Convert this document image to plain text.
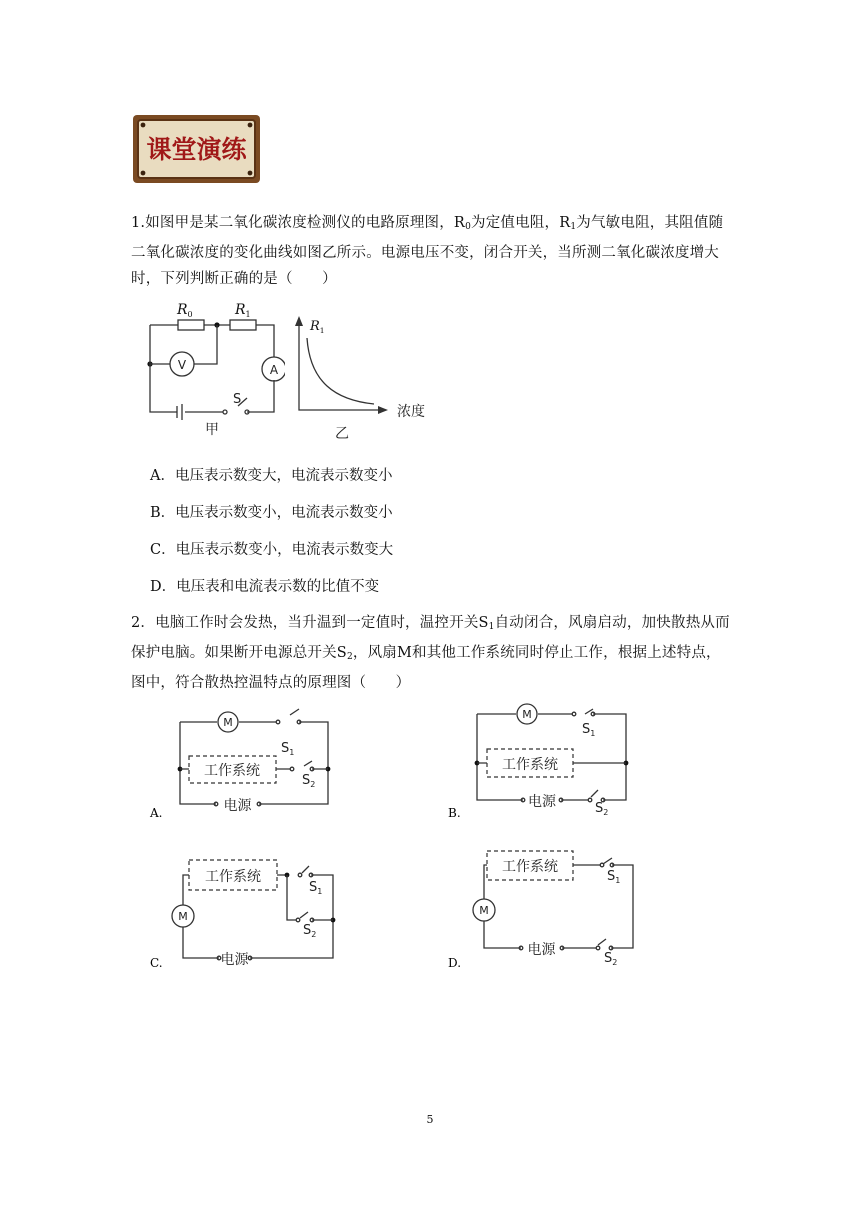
课堂演练
1.如图甲是某二氧化碳浓度检测仪的电路原理图，$R_0$为定值电阻，$R_1$为气敏电阻，其阻值随二氧化碳浓度的变化曲线如图乙所示。电源电压不变，闭合开关，当所测二氧化碳浓度增大时，下列判断正确的是（　　）
$R_0$	$R_1$
V	A
S
甲
$R_1$
浓度
乙
A．电压表示数变大，电流表示数变小
B．电压表示数变小，电流表示数变小
C．电压表示数变小，电流表示数变大
D．电压表和电流表示数的比值不变
2．电脑工作时会发热，当升温到一定值时，温控开关$S_1$自动闭合，风扇启动，加快散热从而保护电脑。如果断开电源总开关$S_2$，风扇M和其他工作系统同时停止工作，根据上述特点，图中，符合散热控温特点的原理图（　　）
M
$S_1$
工作系统
$S_2$
电源
A.
M
$S_1$
工作系统
电源	$S_2$
B.
工作系统
$S_1$
$S_2$
M
电源
C.
工作系统
$S_1$
M
电源
$S_2$
D.
5
